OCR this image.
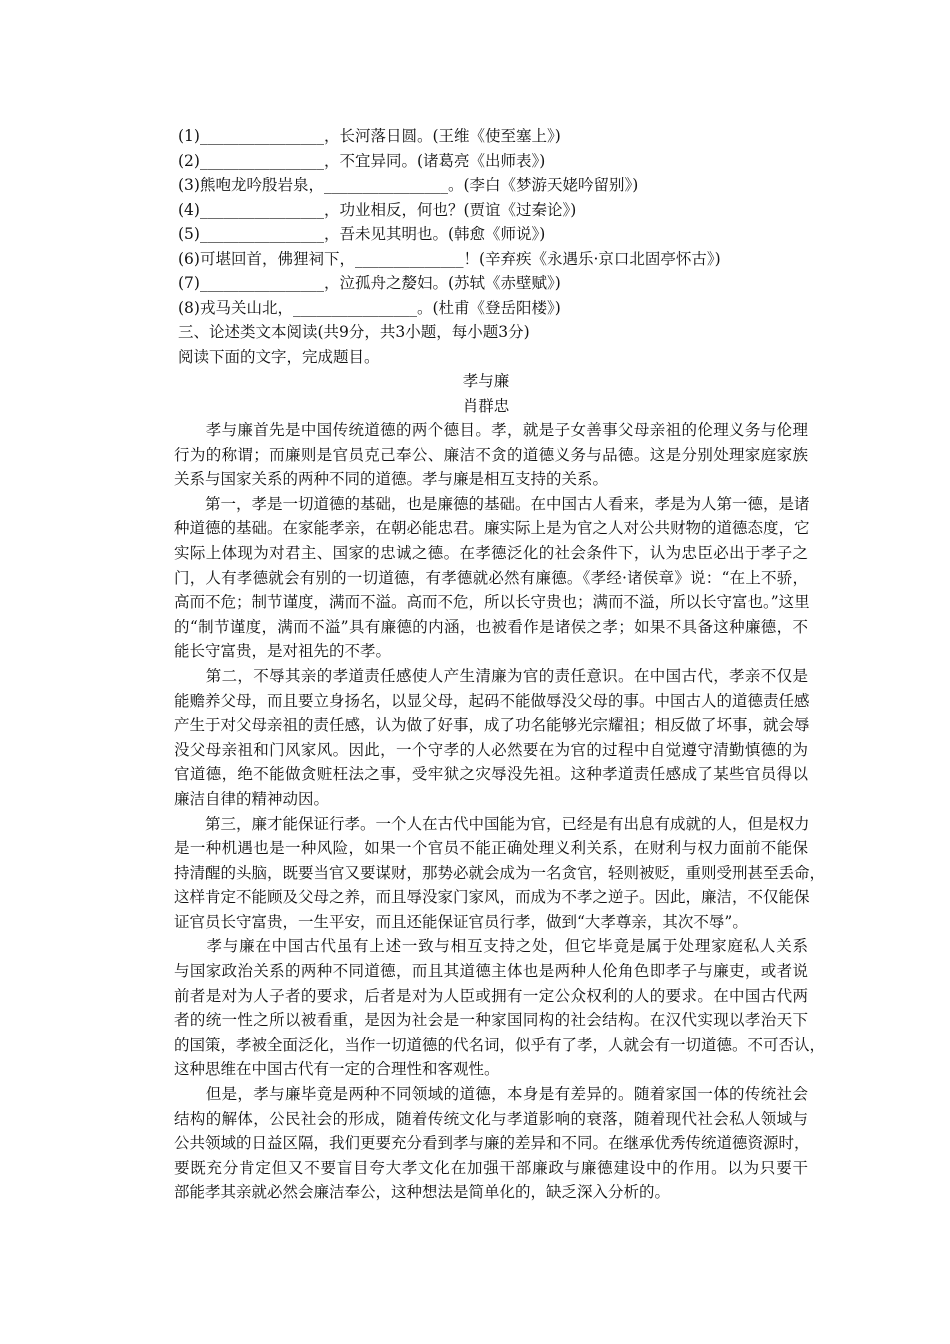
(1)________________，长河落日圆。(王维《使至塞上》)
(2)________________，不宜异同。(诸葛亮《出师表》)
(3)熊咆龙吟殷岩泉，________________。(李白《梦游天姥吟留别》)
(4)________________，功业相反，何也？(贾谊《过秦论》)
(5)________________，吾未见其明也。(韩愈《师说》)
(6)可堪回首，佛狸祠下，______________！(辛弃疾《永遇乐·京口北固亭怀古》)
(7)________________，泣孤舟之嫠妇。(苏轼《赤壁赋》)
(8)戎马关山北，________________。(杜甫《登岳阳楼》)
三、论述类文本阅读(共9分，共3小题，每小题3分)
阅读下面的文字，完成题目。
孝与廉
肖群忠
　　孝与廉首先是中国传统道德的两个德目。孝，就是子女善事父母亲祖的伦理义务与伦理
行为的称谓；而廉则是官员克己奉公、廉洁不贪的道德义务与品德。这是分别处理家庭家族
关系与国家关系的两种不同的道德。孝与廉是相互支持的关系。
　　第一，孝是一切道德的基础，也是廉德的基础。在中国古人看来，孝是为人第一德，是诸
种道德的基础。在家能孝亲，在朝必能忠君。廉实际上是为官之人对公共财物的道德态度，它
实际上体现为对君主、国家的忠诚之德。在孝德泛化的社会条件下，认为忠臣必出于孝子之
门，人有孝德就会有别的一切道德，有孝德就必然有廉德。《孝经·诸侯章》说：“在上不骄，
高而不危；制节谨度，满而不溢。高而不危，所以长守贵也；满而不溢，所以长守富也。”这里
的“制节谨度，满而不溢”具有廉德的内涵，也被看作是诸侯之孝；如果不具备这种廉德，不
能长守富贵，是对祖先的不孝。
　　第二，不辱其亲的孝道责任感使人产生清廉为官的责任意识。在中国古代，孝亲不仅是
能赡养父母，而且要立身扬名，以显父母，起码不能做辱没父母的事。中国古人的道德责任感
产生于对父母亲祖的责任感，认为做了好事，成了功名能够光宗耀祖；相反做了坏事，就会辱
没父母亲祖和门风家风。因此，一个守孝的人必然要在为官的过程中自觉遵守清勤慎德的为
官道德，绝不能做贪赃枉法之事，受牢狱之灾辱没先祖。这种孝道责任感成了某些官员得以
廉洁自律的精神动因。
　　第三，廉才能保证行孝。一个人在古代中国能为官，已经是有出息有成就的人，但是权力
是一种机遇也是一种风险，如果一个官员不能正确处理义利关系，在财利与权力面前不能保
持清醒的头脑，既要当官又要谋财，那势必就会成为一名贪官，轻则被贬，重则受刑甚至丢命，
这样肯定不能顾及父母之养，而且辱没家门家风，而成为不孝之逆子。因此，廉洁，不仅能保
证官员长守富贵，一生平安，而且还能保证官员行孝，做到“大孝尊亲，其次不辱”。
　　孝与廉在中国古代虽有上述一致与相互支持之处，但它毕竟是属于处理家庭私人关系
与国家政治关系的两种不同道德，而且其道德主体也是两种人伦角色即孝子与廉吏，或者说
前者是对为人子者的要求，后者是对为人臣或拥有一定公众权利的人的要求。在中国古代两
者的统一性之所以被看重，是因为社会是一种家国同构的社会结构。在汉代实现以孝治天下
的国策，孝被全面泛化，当作一切道德的代名词，似乎有了孝，人就会有一切道德。不可否认，
这种思维在中国古代有一定的合理性和客观性。
　　但是，孝与廉毕竟是两种不同领域的道德，本身是有差异的。随着家国一体的传统社会
结构的解体，公民社会的形成，随着传统文化与孝道影响的衰落，随着现代社会私人领域与
公共领域的日益区隔，我们更要充分看到孝与廉的差异和不同。在继承优秀传统道德资源时，
要既充分肯定但又不要盲目夸大孝文化在加强干部廉政与廉德建设中的作用。以为只要干
部能孝其亲就必然会廉洁奉公，这种想法是简单化的，缺乏深入分析的。
